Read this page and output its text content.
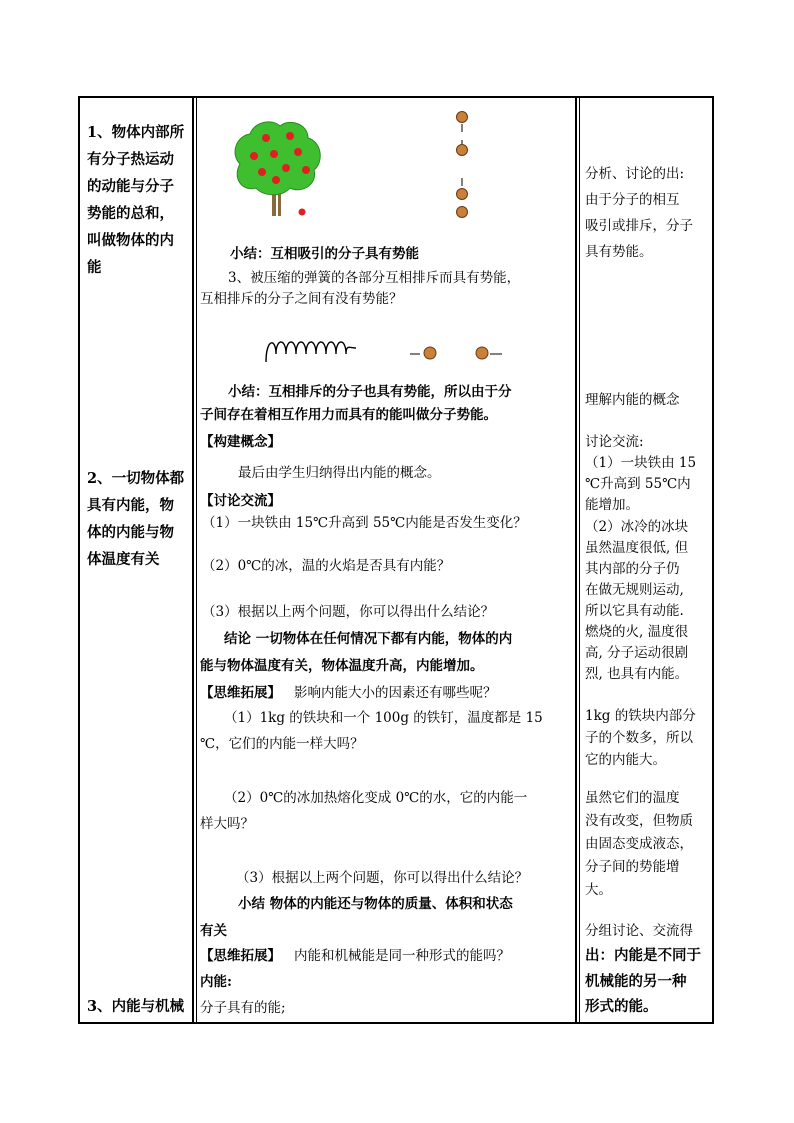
1、物体内部所
有分子热运动
的动能与分子
势能的总和，
叫做物体的内
能
2、一切物体都
具有内能，物
体的内能与物
体温度有关
3、内能与机械
小结：互相吸引的分子具有势能
3、被压缩的弹簧的各部分互相排斥而具有势能，
互相排斥的分子之间有没有势能？
小结：互相排斥的分子也具有势能，所以由于分
子间存在着相互作用力而具有的能叫做分子势能。
【构建概念】
最后由学生归纳得出内能的概念。
【讨论交流】
（1）一块铁由 15℃升高到 55℃内能是否发生变化？
（2）0℃的冰，温的火焰是否具有内能？
（3）根据以上两个问题，你可以得出什么结论？
结论 一切物体在任何情况下都有内能，物体的内
能与物体温度有关，物体温度升高，内能增加。
【思维拓展】 影响内能大小的因素还有哪些呢？
（1）1kg 的铁块和一个 100g 的铁钉，温度都是 15
℃，它们的内能一样大吗？
（2）0℃的冰加热熔化变成 0℃的水，它的内能一
样大吗？
（3）根据以上两个问题，你可以得出什么结论？
小结 物体的内能还与物体的质量、体积和状态
有关
【思维拓展】 内能和机械能是同一种形式的能吗？
内能:
分子具有的能;
分析、讨论的出:
由于分子的相互
吸引或排斥，分子
具有势能。
理解内能的概念
讨论交流:
（1）一块铁由 15
℃升高到 55℃内
能增加。
（2）冰冷的冰块
虽然温度很低, 但
其内部的分子仍
在做无规则运动,
所以它具有动能.
燃烧的火, 温度很
高, 分子运动很剧
烈, 也具有内能。
1kg 的铁块内部分
子的个数多，所以
它的内能大。
虽然它们的温度
没有改变，但物质
由固态变成液态，
分子间的势能增
大。
分组讨论、交流得
出：内能是不同于
机械能的另一种
形式的能。
